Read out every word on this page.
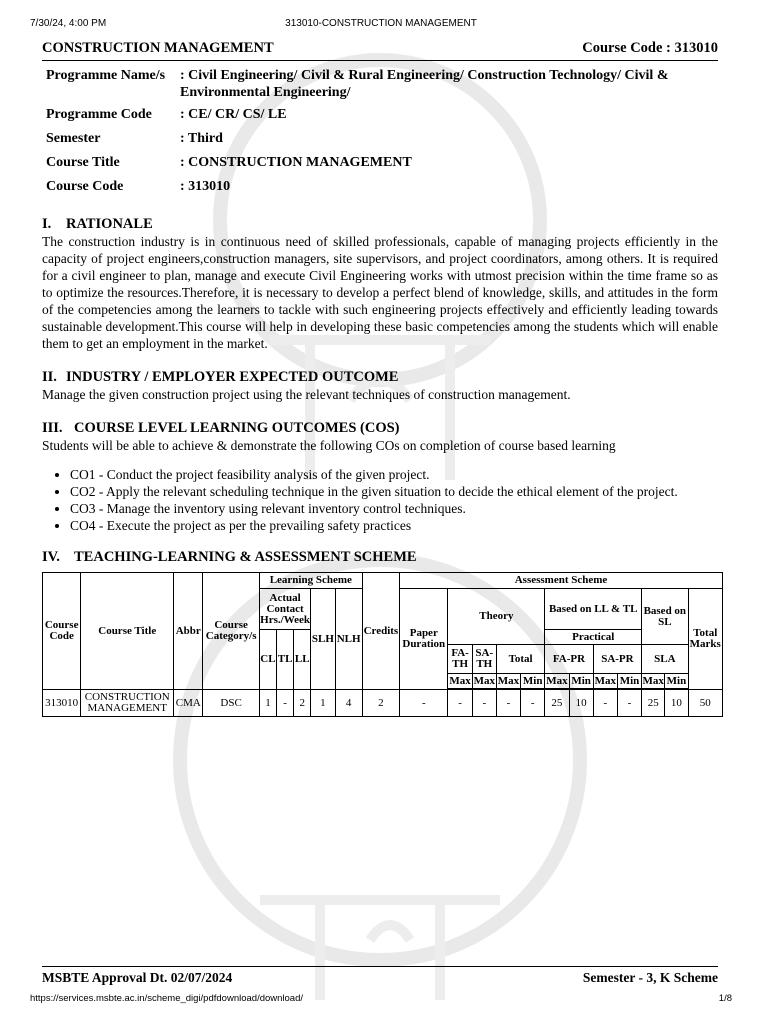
7/30/24, 4:00 PM	313010-CONSTRUCTION MANAGEMENT
CONSTRUCTION MANAGEMENT	Course Code : 313010
Programme Name/s	: Civil Engineering/ Civil & Rural Engineering/ Construction Technology/ Civil & Environmental Engineering/
Programme Code	: CE/ CR/ CS/ LE
Semester	: Third
Course Title	: CONSTRUCTION MANAGEMENT
Course Code	: 313010
I. RATIONALE

The construction industry is in continuous need of skilled professionals, capable of managing projects efficiently in the capacity of project engineers,construction managers, site supervisors, and project coordinators, among others. It is required for a civil engineer to plan, manage and execute Civil Engineering works with utmost precision within the time frame so as to optimize the resources.Therefore, it is necessary to develop a perfect blend of knowledge, skills, and attitudes in the form of the competencies among the learners to tackle with such engineering projects effectively and efficiently leading towards sustainable development.This course will help in developing these basic competencies among the students which will enable them to get an employment in the market.

II. INDUSTRY / EMPLOYER EXPECTED OUTCOME

Manage the given construction project using the relevant techniques of construction management.

III. COURSE LEVEL LEARNING OUTCOMES (COS)

Students will be able to achieve & demonstrate the following COs on completion of course based learning

• CO1 - Conduct the project feasibility analysis of the given project.
• CO2 - Apply the relevant scheduling technique in the given situation to decide the ethical element of the project.
• CO3 - Manage the inventory using relevant inventory control techniques.
• CO4 - Execute the project as per the prevailing safety practices
IV. TEACHING-LEARNING & ASSESSMENT SCHEME
Course Code	Course Title	Abbr	Course Category/s	Learning Scheme					Credits	Assessment Scheme											
				Actual Contact Hrs./Week			SLH	NLH		Paper Duration	Theory				Based on LL & TL				Based on SL		Total Marks
				CL	TL	LL									Practical						
											FA-TH	SA-TH	Total		FA-PR		SA-PR		SLA		
											Max	Max	Max	Min	Max	Min	Max	Min	Max	Min	

313010	CONSTRUCTION MANAGEMENT	CMA	DSC	1	-	2	1	4	2	-	-	-	-	-	25	10	-	-	25	10	50
MSBTE Approval Dt. 02/07/2024	Semester - 3, K Scheme
https://services.msbte.ac.in/scheme_digi/pdfdownload/download/	1/8
